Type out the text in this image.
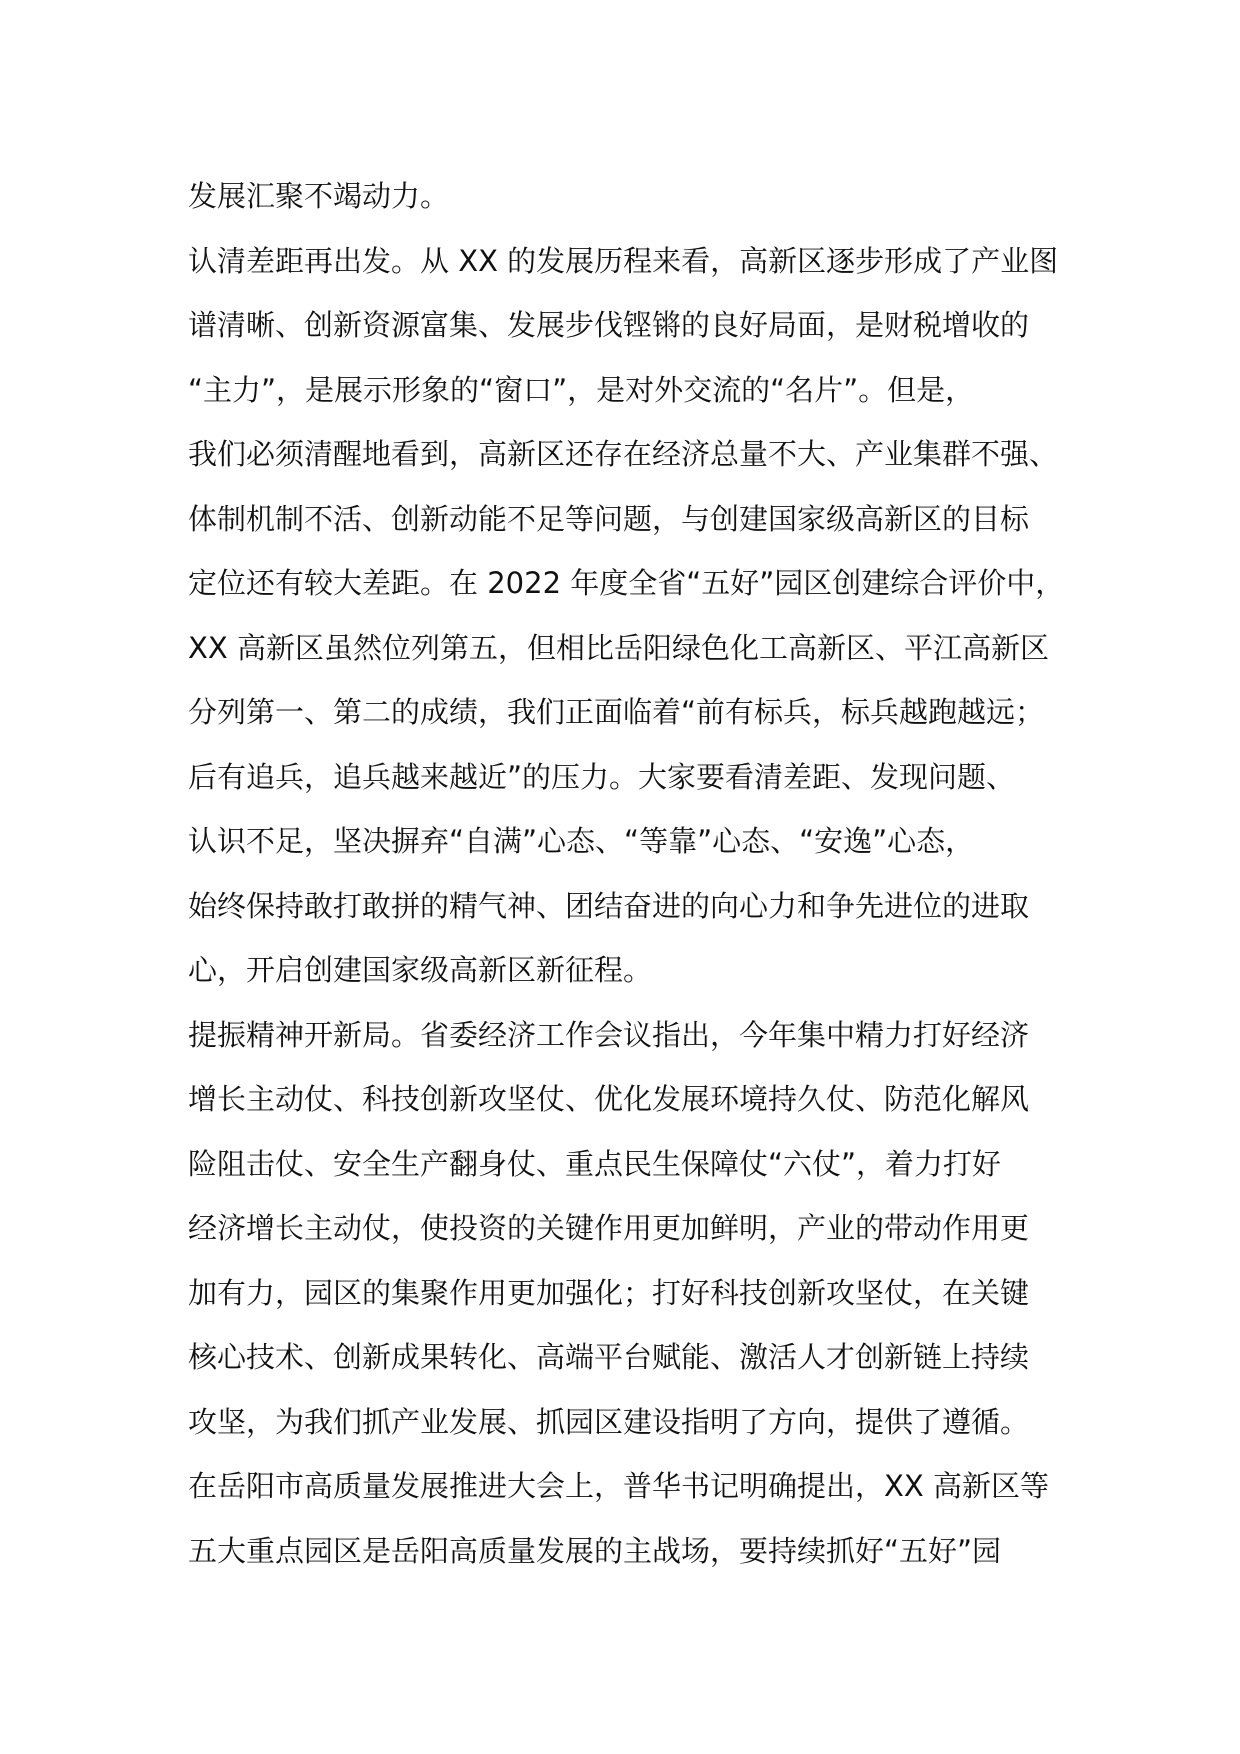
发展汇聚不竭动力。
认清差距再出发。从 XX 的发展历程来看，高新区逐步形成了产业图
谱清晰、创新资源富集、发展步伐铿锵的良好局面，是财税增收的
“主力”，是展示形象的“窗口”，是对外交流的“名片”。但是，
我们必须清醒地看到，高新区还存在经济总量不大、产业集群不强、
体制机制不活、创新动能不足等问题，与创建国家级高新区的目标
定位还有较大差距。在 2022 年度全省“五好”园区创建综合评价中，
XX 高新区虽然位列第五，但相比岳阳绿色化工高新区、平江高新区
分列第一、第二的成绩，我们正面临着“前有标兵，标兵越跑越远；
后有追兵，追兵越来越近”的压力。大家要看清差距、发现问题、
认识不足，坚决摒弃“自满”心态、“等靠”心态、“安逸”心态，
始终保持敢打敢拼的精气神、团结奋进的向心力和争先进位的进取
心，开启创建国家级高新区新征程。
提振精神开新局。省委经济工作会议指出，今年集中精力打好经济
增长主动仗、科技创新攻坚仗、优化发展环境持久仗、防范化解风
险阻击仗、安全生产翻身仗、重点民生保障仗“六仗”，着力打好
经济增长主动仗，使投资的关键作用更加鲜明，产业的带动作用更
加有力，园区的集聚作用更加强化；打好科技创新攻坚仗，在关键
核心技术、创新成果转化、高端平台赋能、激活人才创新链上持续
攻坚，为我们抓产业发展、抓园区建设指明了方向，提供了遵循。
在岳阳市高质量发展推进大会上，普华书记明确提出，XX 高新区等
五大重点园区是岳阳高质量发展的主战场，要持续抓好“五好”园
